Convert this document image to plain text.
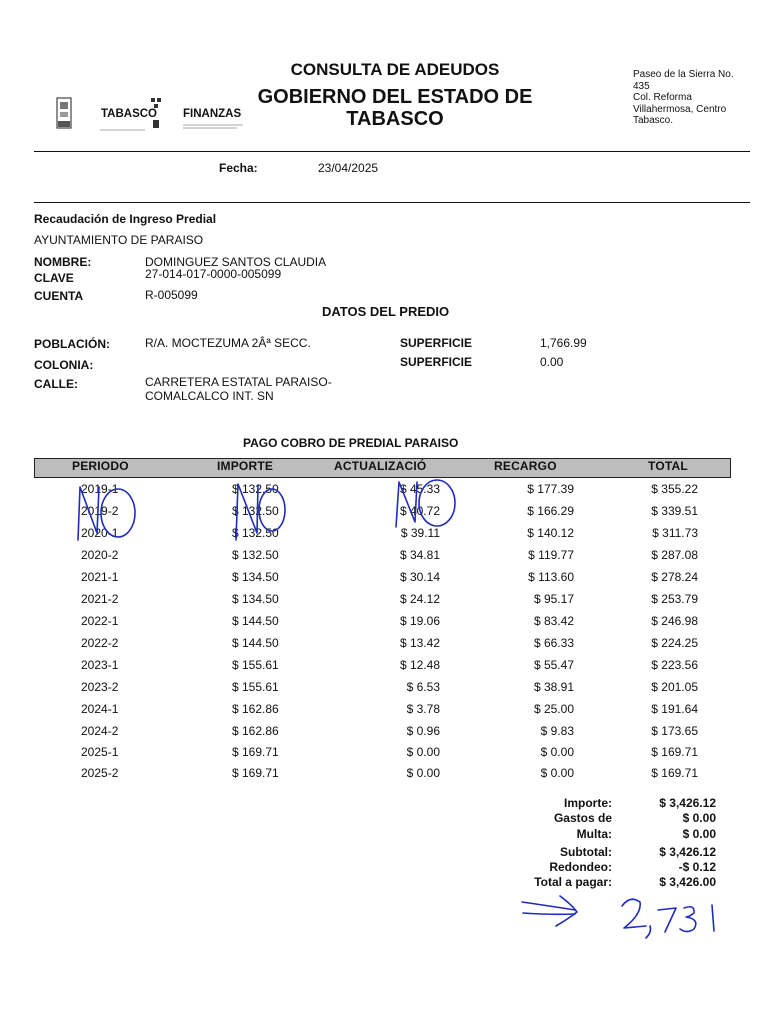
TABASCO FINANZAS
CONSULTA DE ADEUDOS
GOBIERNO DEL ESTADO DE
TABASCO
Paseo de la Sierra No.
435
Col. Reforma
Villahermosa, Centro
Tabasco.
Fecha:	23/04/2025
Recaudación de Ingreso Predial
AYUNTAMIENTO DE PARAISO
NOMBRE:	DOMINGUEZ SANTOS CLAUDIA
CLAVE	27-014-017-0000-005099
CUENTA	R-005099
DATOS DEL PREDIO
POBLACIÓN:	R/A. MOCTEZUMA 2Âª SECC.
COLONIA:
CALLE:	CARRETERA ESTATAL PARAISO-
COMALCALCO INT. SN
SUPERFICIE	1,766.99
SUPERFICIE	0.00
PAGO COBRO DE PREDIAL PARAISO
PERIODO	IMPORTE	ACTUALIZACIÓ	RECARGO	TOTAL
2019-1	$ 132.50	$ 45.33	$ 177.39	$ 355.22
2019-2	$ 132.50	$ 40.72	$ 166.29	$ 339.51
2020-1	$ 132.50	$ 39.11	$ 140.12	$ 311.73
2020-2	$ 132.50	$ 34.81	$ 119.77	$ 287.08
2021-1	$ 134.50	$ 30.14	$ 113.60	$ 278.24
2021-2	$ 134.50	$ 24.12	$ 95.17	$ 253.79
2022-1	$ 144.50	$ 19.06	$ 83.42	$ 246.98
2022-2	$ 144.50	$ 13.42	$ 66.33	$ 224.25
2023-1	$ 155.61	$ 12.48	$ 55.47	$ 223.56
2023-2	$ 155.61	$ 6.53	$ 38.91	$ 201.05
2024-1	$ 162.86	$ 3.78	$ 25.00	$ 191.64
2024-2	$ 162.86	$ 0.96	$ 9.83	$ 173.65
2025-1	$ 169.71	$ 0.00	$ 0.00	$ 169.71
2025-2	$ 169.71	$ 0.00	$ 0.00	$ 169.71
Importe:	$ 3,426.12
Gastos de	$ 0.00
Multa:	$ 0.00
Subtotal:	$ 3,426.12
Redondeo:	-$ 0.12
Total a pagar:	$ 3,426.00
